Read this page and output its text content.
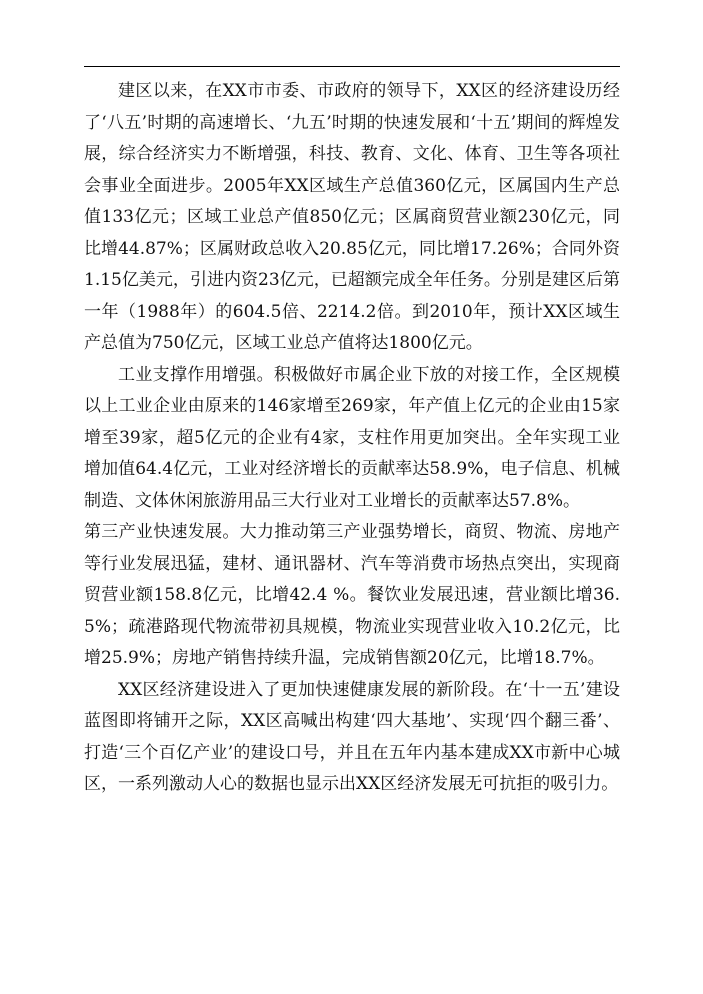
建区以来，在XX市市委、市政府的领导下，XX区的经济建设历经了‘八五’时期的高速增长、‘九五’时期的快速发展和‘十五’期间的辉煌发展，综合经济实力不断增强，科技、教育、文化、体育、卫生等各项社会事业全面进步。2005年XX区域生产总值360亿元，区属国内生产总值133亿元；区域工业总产值850亿元；区属商贸营业额230亿元，同比增44.87%；区属财政总收入20.85亿元，同比增17.26%；合同外资1.15亿美元，引进内资23亿元，已超额完成全年任务。分别是建区后第一年（1988年）的604.5倍、2214.2倍。到2010年，预计XX区域生产总值为750亿元，区域工业总产值将达1800亿元。

工业支撑作用增强。积极做好市属企业下放的对接工作，全区规模以上工业企业由原来的146家增至269家，年产值上亿元的企业由15家增至39家，超5亿元的企业有4家，支柱作用更加突出。全年实现工业增加值64.4亿元，工业对经济增长的贡献率达58.9%，电子信息、机械制造、文体休闲旅游用品三大行业对工业增长的贡献率达57.8%。

第三产业快速发展。大力推动第三产业强势增长，商贸、物流、房地产等行业发展迅猛，建材、通讯器材、汽车等消费市场热点突出，实现商贸营业额158.8亿元，比增42.4 %。餐饮业发展迅速，营业额比增36.5%；疏港路现代物流带初具规模，物流业实现营业收入10.2亿元，比增25.9%；房地产销售持续升温，完成销售额20亿元，比增18.7%。

XX区经济建设进入了更加快速健康发展的新阶段。在‘十一五’建设蓝图即将铺开之际，XX区高喊出构建‘四大基地’、实现‘四个翻三番’、打造‘三个百亿产业’的建设口号，并且在五年内基本建成XX市新中心城区，一系列激动人心的数据也显示出XX区经济发展无可抗拒的吸引力。
